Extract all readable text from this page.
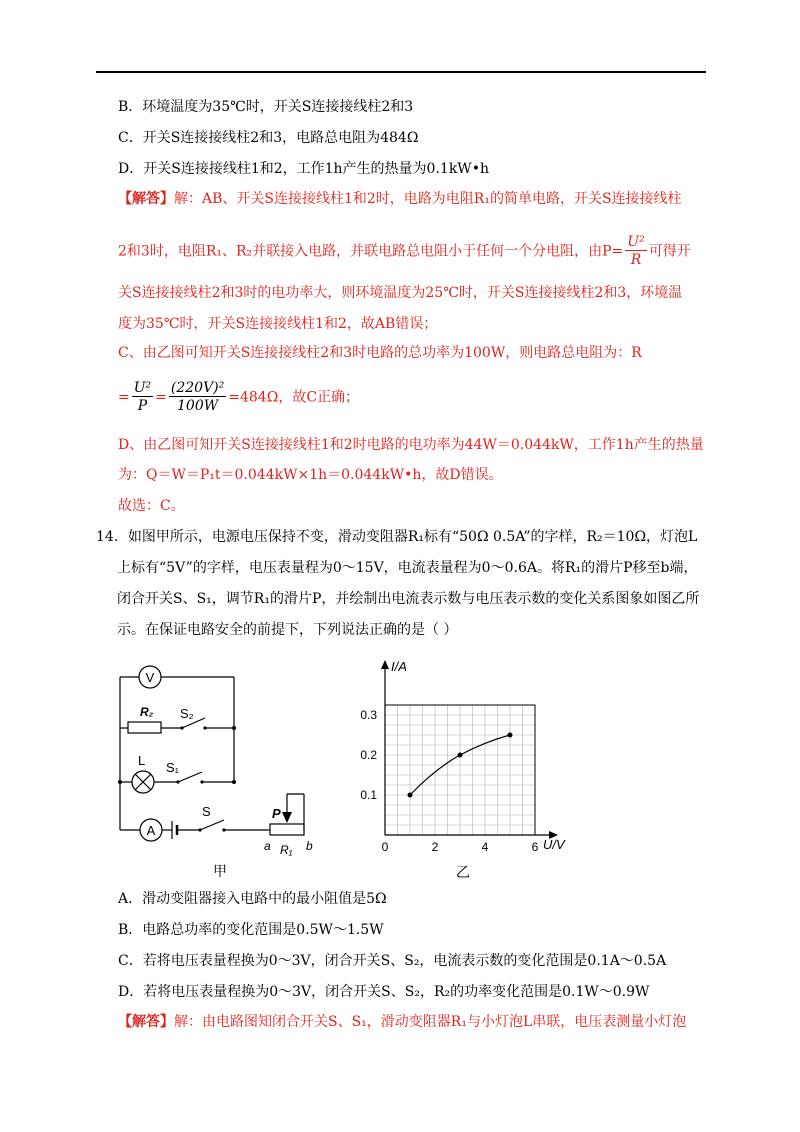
B．环境温度为35℃时，开关S连接接线柱2和3
C．开关S连接接线柱2和3，电路总电阻为484Ω
D．开关S连接接线柱1和2，工作1h产生的热量为0.1kW•h
【解答】解：AB、开关S连接接线柱1和2时，电路为电阻R₁的简单电路，开关S连接接线柱
2和3时，电阻R₁、R₂并联接入电路，并联电路总电阻小于任何一个分电阻，由$P= \frac{\text{U²}}{R}$ 可得开
关S连接接线柱2和3时的电功率大，则环境温度为25℃时，开关S连接接线柱2和3，环境温
度为35℃时，开关S连接接线柱1和2，故AB错误；
C、由乙图可知开关S连接接线柱2和3时电路的总功率为100W，则电路总电阻为：R
= $\frac{\text{U²}}{P} = \frac{\text{(220V)²}}{100W} =484\Omega$，故C正确；
D、由乙图可知开关S连接接线柱1和2时电路的电功率为44W＝0.044kW，工作1h产生的热量
为：Q＝W＝P₁t＝0.044kW×1h＝0.044kW•h，故D错误。
故选：C。
14．如图甲所示，电源电压保持不变，滑动变阻器R₁标有“50Ω 0.5A”的字样，R₂＝10Ω，灯泡L
上标有“5V”的字样，电压表量程为0～15V，电流表量程为0～0.6A。将R₁的滑片P移至b端，
闭合开关S、S₁，调节R₁的滑片P，并绘制出电流表示数与电压表示数的变化关系图象如图乙所
示。在保证电路安全的前提下，下列说法正确的是（ ）
V
A
R₂ S₂
L S₁
S	P
a R₁ b
甲
0	2	4	6
0.1
0.2
0.3
I/A
U/V
乙
A．滑动变阻器接入电路中的最小阻值是5Ω
B．电路总功率的变化范围是0.5W～1.5W
C．若将电压表量程换为0～3V，闭合开关S、S₂，电流表示数的变化范围是0.1A～0.5A
D．若将电压表量程换为0～3V，闭合开关S、S₂，R₂的功率变化范围是0.1W～0.9W
【解答】解：由电路图知闭合开关S、S₁，滑动变阻器R₁与小灯泡L串联，电压表测量小灯泡
